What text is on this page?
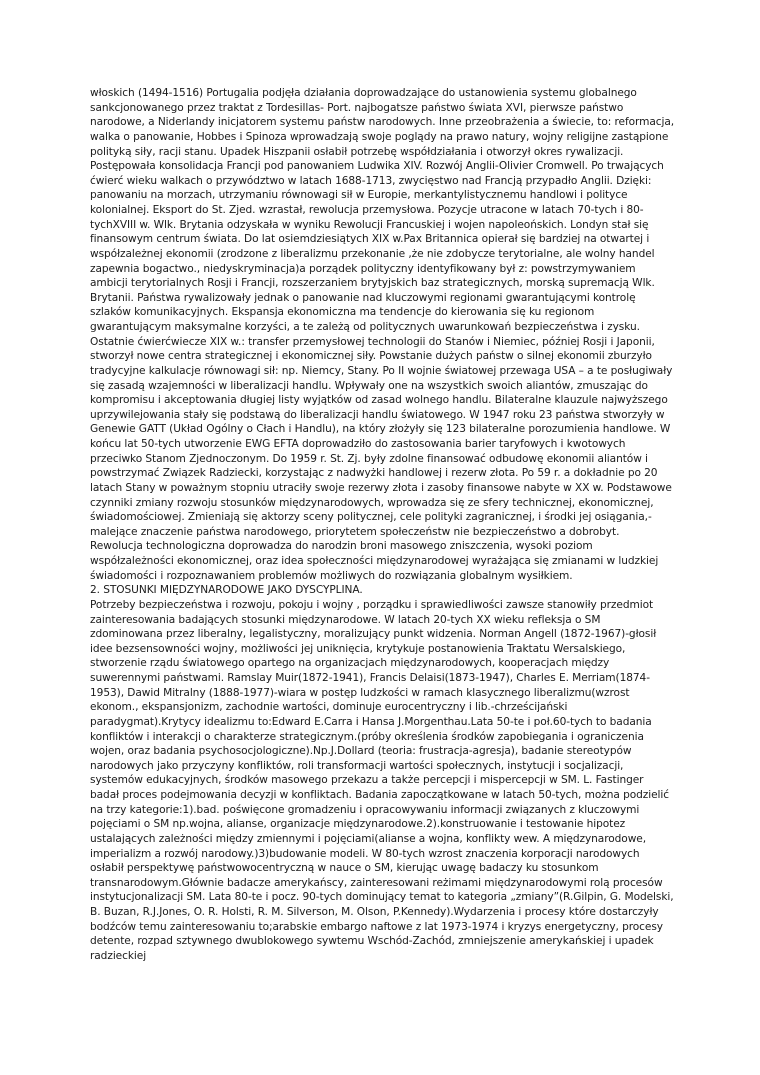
włoskich (1494-1516) Portugalia podjęła działania doprowadzające do ustanowienia systemu globalnego sankcjonowanego przez traktat z Tordesillas- Port. najbogatsze państwo świata XVI, pierwsze państwo narodowe, a Niderlandy inicjatorem systemu państw narodowych. Inne przeobrażenia a świecie, to: reformacja, walka o panowanie, Hobbes i Spinoza wprowadzają swoje poglądy na prawo natury, wojny religijne zastąpione polityką siły, racji stanu. Upadek Hiszpanii osłabił potrzebę współdziałania i otworzył okres rywalizacji. Postępowała konsolidacja Francji pod panowaniem Ludwika XIV. Rozwój Anglii-Olivier Cromwell. Po trwających ćwierć wieku walkach o przywództwo w latach 1688-1713, zwycięstwo nad Francją przypadło Anglii. Dzięki: panowaniu na morzach, utrzymaniu równowagi sił w Europie, merkantylistycznemu handlowi i polityce kolonialnej. Eksport do St. Zjed. wzrastał, rewolucja przemysłowa. Pozycje utracone w latach 70-tych i 80-tychXVIII w. Wlk. Brytania odzyskała w wyniku Rewolucji Francuskiej i wojen napoleońskich. Londyn stał się finansowym centrum świata. Do lat osiemdziesiątych XIX w.Pax Britannica opierał się bardziej na otwartej i współzależnej ekonomii (zrodzone z liberalizmu przekonanie ,że nie zdobycze terytorialne, ale wolny handel zapewnia bogactwo., niedyskryminacja)a porządek polityczny identyfikowany był z: powstrzymywaniem ambicji terytorialnych Rosji i Francji, rozszerzaniem brytyjskich baz strategicznych, morską supremacją Wlk. Brytanii. Państwa rywalizowały jednak o panowanie nad kluczowymi regionami gwarantującymi kontrolę szlaków komunikacyjnych. Ekspansja ekonomiczna ma tendencje do kierowania się ku regionom gwarantującym maksymalne korzyści, a te zależą od politycznych uwarunkowań bezpieczeństwa i zysku. Ostatnie ćwierćwiecze XIX w.: transfer przemysłowej technologii do Stanów i Niemiec, później Rosji i Japonii, stworzył nowe centra strategicznej i ekonomicznej siły. Powstanie dużych państw o silnej ekonomii zburzyło tradycyjne kalkulacje równowagi sił: np. Niemcy, Stany. Po II wojnie światowej przewaga USA – a te posługiwały się zasadą wzajemności w liberalizacji handlu. Wpływały one na wszystkich swoich aliantów, zmuszając do kompromisu i akceptowania długiej listy wyjątków od zasad wolnego handlu. Bilateralne klauzule najwyższego uprzywilejowania stały się podstawą do liberalizacji handlu światowego. W 1947 roku 23 państwa stworzyły w Genewie GATT (Układ Ogólny o Cłach i Handlu), na który złożyły się 123 bilateralne porozumienia handlowe. W końcu lat 50-tych utworzenie EWG EFTA doprowadziło do zastosowania barier taryfowych i kwotowych przeciwko Stanom Zjednoczonym. Do 1959 r. St. Zj. były zdolne finansować odbudowę ekonomii aliantów i powstrzymać Związek Radziecki, korzystając z nadwyżki handlowej i rezerw złota. Po 59 r. a dokładnie po 20 latach Stany w poważnym stopniu utraciły swoje rezerwy złota i zasoby finansowe nabyte w XX w. Podstawowe czynniki zmiany rozwoju stosunków międzynarodowych, wprowadza się ze sfery technicznej, ekonomicznej, świadomościowej. Zmieniają się aktorzy sceny politycznej, cele polityki zagranicznej, i środki jej osiągania,- malejące znaczenie państwa narodowego, priorytetem społeczeństw nie bezpieczeństwo a dobrobyt. Rewolucja technologiczna doprowadza do narodzin broni masowego zniszczenia, wysoki poziom współzależności ekonomicznej, oraz idea społeczności międzynarodowej wyrażająca się zmianami w ludzkiej świadomości i rozpoznawaniem problemów możliwych do rozwiązania globalnym wysiłkiem.

2. STOSUNKI MIĘDZYNARODOWE JAKO DYSCYPLINA.

Potrzeby bezpieczeństwa i rozwoju, pokoju i wojny , porządku i sprawiedliwości zawsze stanowiły przedmiot zainteresowania badających stosunki międzynarodowe. W latach 20-tych XX wieku refleksja o SM zdominowana przez liberalny, legalistyczny, moralizujący punkt widzenia. Norman Angell (1872-1967)-głosił idee bezsensowności wojny, możliwości jej uniknięcia, krytykuje postanowienia Traktatu Wersalskiego, stworzenie rządu światowego opartego na organizacjach międzynarodowych, kooperacjach między suwerennymi państwami. Ramslay Muir(1872-1941), Francis Delaisi(1873-1947), Charles E. Merriam(1874-1953), Dawid Mitralny (1888-1977)-wiara w postęp ludzkości w ramach klasycznego liberalizmu(wzrost ekonom., ekspansjonizm, zachodnie wartości, dominuje eurocentryczny i lib.-chrześcijański paradygmat).Krytycy idealizmu to:Edward E.Carra i Hansa J.Morgenthau.Lata 50-te i poł.60-tych to badania konfliktów i interakcji o charakterze strategicznym.(próby określenia środków zapobiegania i ograniczenia wojen, oraz badania psychosocjologiczne).Np.J.Dollard (teoria: frustracja-agresja), badanie stereotypów narodowych jako przyczyny konfliktów, roli transformacji wartości społecznych, instytucji i socjalizacji, systemów edukacyjnych, środków masowego przekazu a także percepcji i mispercepcji w SM. L. Fastinger badał proces podejmowania decyzji w konfliktach. Badania zapoczątkowane w latach 50-tych, można podzielić na trzy kategorie:1).bad. poświęcone gromadzeniu i opracowywaniu informacji związanych z kluczowymi pojęciami o SM np.wojna, alianse, organizacje międzynarodowe.2).konstruowanie i testowanie hipotez ustalających zależności między zmiennymi i pojęciami(alianse a wojna, konflikty wew. A międzynarodowe, imperializm a rozwój narodowy.)3)budowanie modeli. W 80-tych wzrost znaczenia korporacji narodowych osłabił perspektywę państwowocentryczną w nauce o SM, kierując uwagę badaczy ku stosunkom transnarodowym.Głównie badacze amerykańscy, zainteresowani reżimami międzynarodowymi rolą procesów instytucjonalizacji SM. Lata 80-te i pocz. 90-tych dominujący temat to kategoria „zmiany”(R.Gilpin, G. Modelski, B. Buzan, R.J.Jones, O. R. Holsti, R. M. Silverson, M. Olson, P.Kennedy).Wydarzenia i procesy które dostarczyły bodźców temu zainteresowaniu to;arabskie embargo naftowe z lat 1973-1974 i kryzys energetyczny, procesy detente, rozpad sztywnego dwublokowego sywtemu Wschód-Zachód, zmniejszenie amerykańskiej i upadek radzieckiej
